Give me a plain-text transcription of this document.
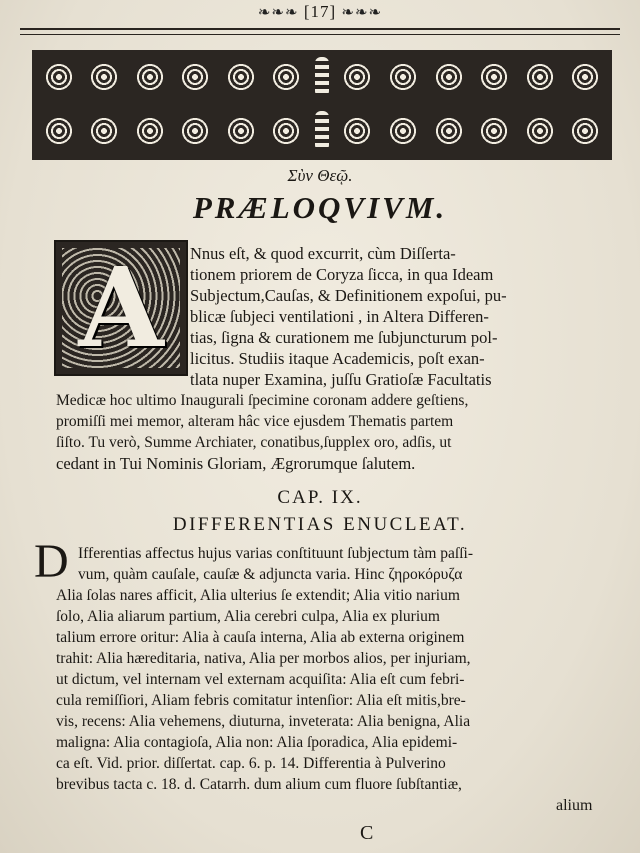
❧❧❧ [17] ❧❧❧
Σὺν Θεῷ.
PRÆLOQVIVM.
A	Nnus eſt, & quod excurrit, cùm Diſſerta-
tionem priorem de Coryza ſicca, in qua Ideam
Subjectum,Cauſas, & Definitionem expoſui, pu-
blicæ ſubjeci ventilationi , in Altera Differen-
tias, ſigna & curationem me ſubjuncturum pol-
licitus. Studiis itaque Academicis, poſt exan-
tlata nuper Examina, juſſu Gratioſæ Facultatis
Medicæ hoc ultimo Inaugurali ſpecimine coronam addere geſtiens,
promiſſi mei memor, alteram hâc vice ejusdem Thematis partem
ſiſto. Tu verò, Summe Archiater, conatibus,ſupplex oro, adſis, ut
cedant in Tui Nominis Gloriam, Ægrorumque ſalutem.
CAP. IX.
DIFFERENTIAS ENUCLEAT.
D Ifferentias affectus hujus varias conſtituunt ſubjectum tàm paſſi-
vum, quàm cauſale, cauſæ & adjuncta varia. Hinc ζηροκόρυζα
Alia ſolas nares afficit, Alia ulterius ſe extendit; Alia vitio narium
ſolo, Alia aliarum partium, Alia cerebri culpa, Alia ex plurium
talium errore oritur: Alia à cauſa interna, Alia ab externa originem
trahit: Alia hæreditaria, nativa, Alia per morbos alios, per injuriam,
ut dictum, vel internam vel externam acquiſita: Alia eſt cum febri-
cula remiſſiori, Aliam febris comitatur intenſior: Alia eſt mitis,bre-
vis, recens: Alia vehemens, diuturna, inveterata: Alia benigna, Alia
maligna: Alia contagioſa, Alia non: Alia ſporadica, Alia epidemi-
ca eſt. Vid. prior. diſſertat. cap. 6. p. 14. Differentia à Pulverino
brevibus tacta c. 18. d. Catarrh. dum alium cum fluore ſubſtantiæ,
C
alium
